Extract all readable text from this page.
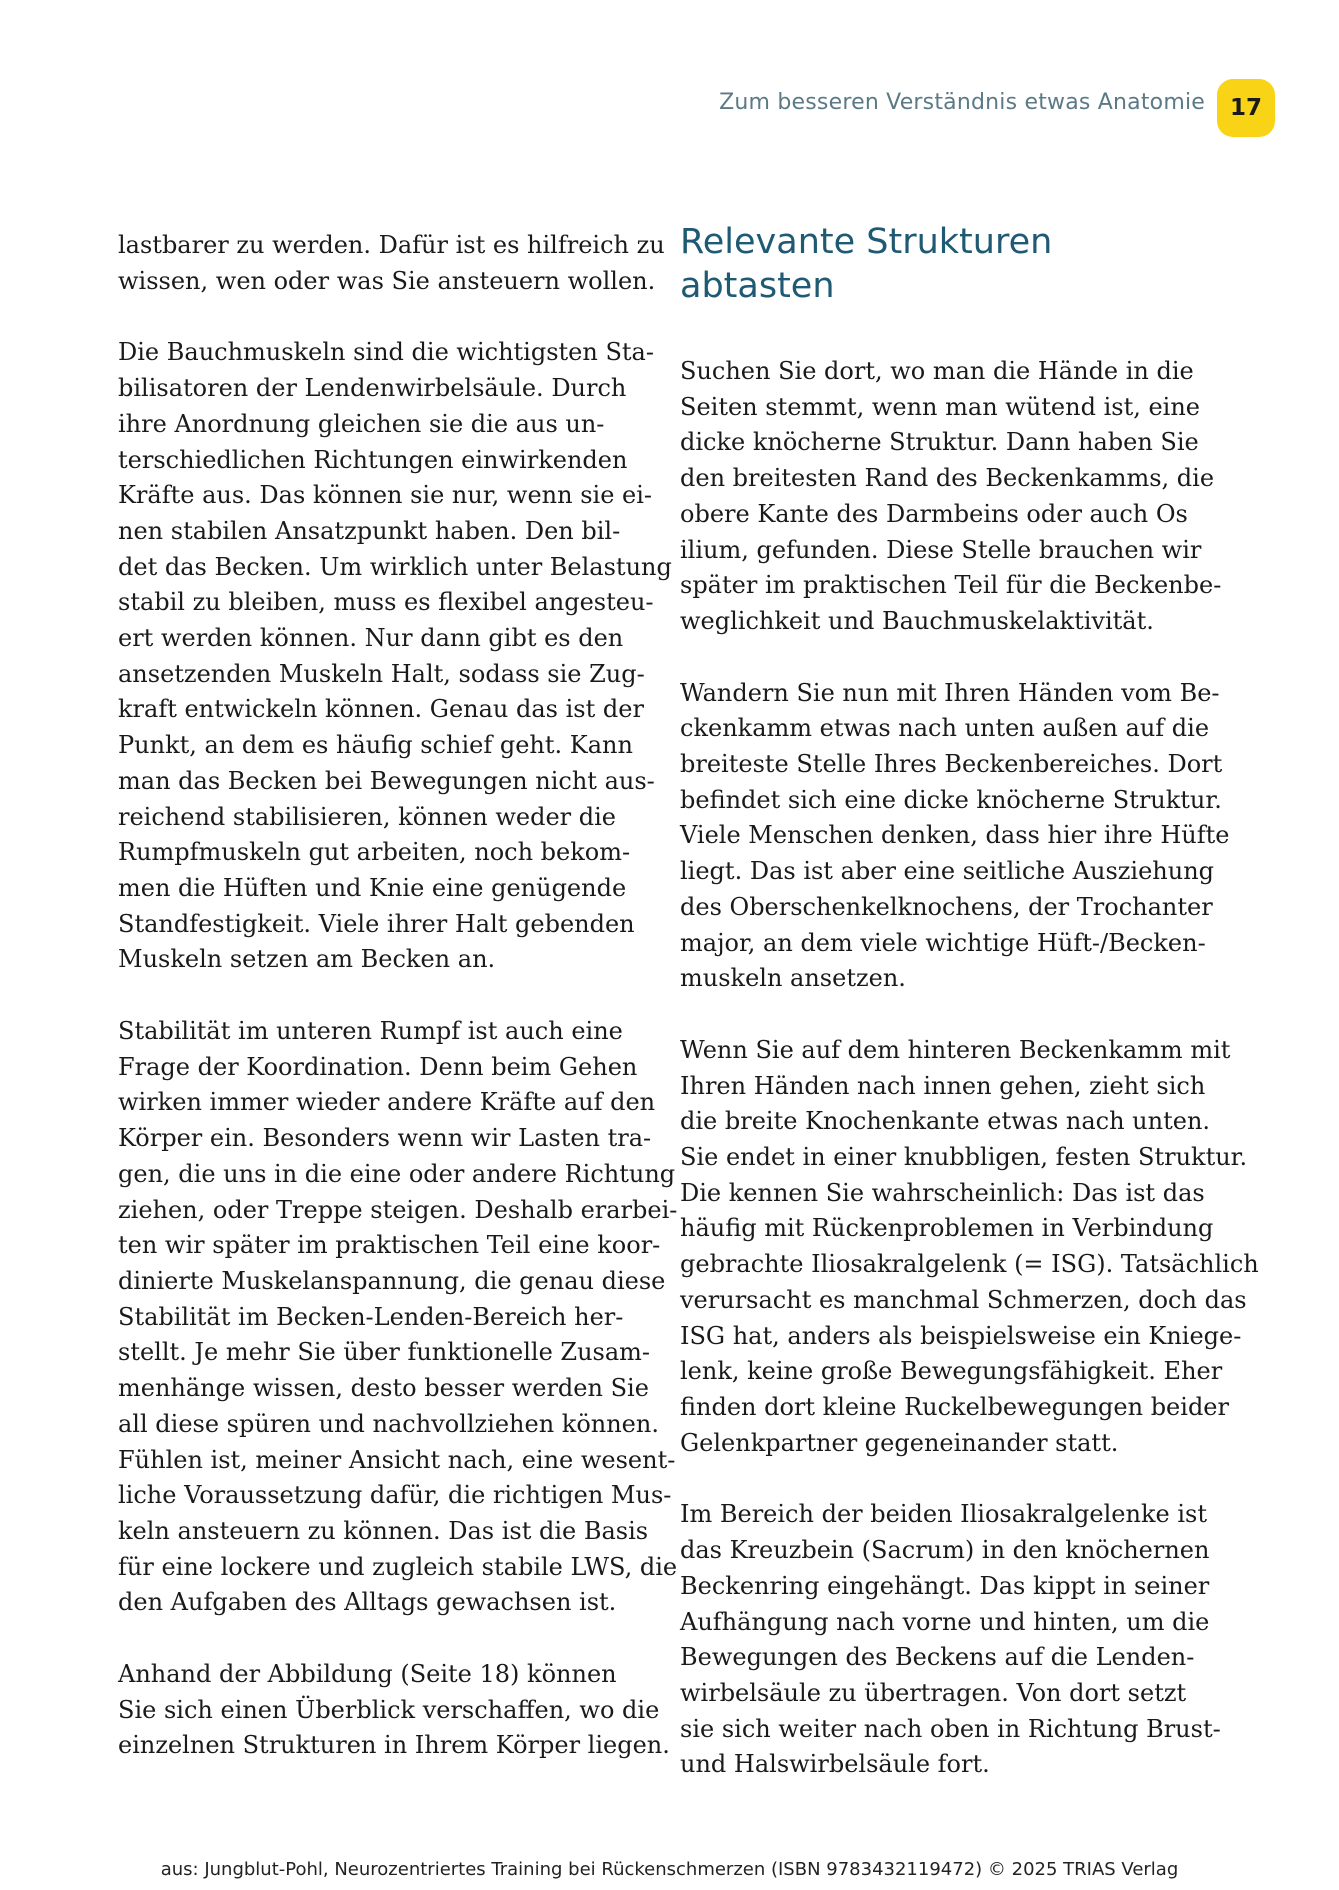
Zum besseren Verständnis etwas Anatomie	17

lastbarer zu werden. Dafür ist es hilfreich zu
wissen, wen oder was Sie ansteuern wollen.

Die Bauchmuskeln sind die wichtigsten Sta-
bilisatoren der Lendenwirbelsäule. Durch
ihre Anordnung gleichen sie die aus un-
terschiedlichen Richtungen einwirkenden
Kräfte aus. Das können sie nur, wenn sie ei-
nen stabilen Ansatzpunkt haben. Den bil-
det das Becken. Um wirklich unter Belastung
stabil zu bleiben, muss es flexibel angesteu-
ert werden können. Nur dann gibt es den
ansetzenden Muskeln Halt, sodass sie Zug-
kraft entwickeln können. Genau das ist der
Punkt, an dem es häufig schief geht. Kann
man das Becken bei Bewegungen nicht aus-
reichend stabilisieren, können weder die
Rumpfmuskeln gut arbeiten, noch bekom-
men die Hüften und Knie eine genügende
Standfestigkeit. Viele ihrer Halt gebenden
Muskeln setzen am Becken an.

Stabilität im unteren Rumpf ist auch eine
Frage der Koordination. Denn beim Gehen
wirken immer wieder andere Kräfte auf den
Körper ein. Besonders wenn wir Lasten tra-
gen, die uns in die eine oder andere Richtung
ziehen, oder Treppe steigen. Deshalb erarbei-
ten wir später im praktischen Teil eine koor-
dinierte Muskelanspannung, die genau diese
Stabilität im Becken-Lenden-Bereich her-
stellt. Je mehr Sie über funktionelle Zusam-
menhänge wissen, desto besser werden Sie
all diese spüren und nachvollziehen können.
Fühlen ist, meiner Ansicht nach, eine wesent-
liche Voraussetzung dafür, die richtigen Mus-
keln ansteuern zu können. Das ist die Basis
für eine lockere und zugleich stabile LWS, die
den Aufgaben des Alltags gewachsen ist.

Anhand der Abbildung (Seite 18) können
Sie sich einen Überblick verschaffen, wo die
einzelnen Strukturen in Ihrem Körper liegen.

Relevante Strukturen
abtasten

Suchen Sie dort, wo man die Hände in die
Seiten stemmt, wenn man wütend ist, eine
dicke knöcherne Struktur. Dann haben Sie
den breitesten Rand des Beckenkamms, die
obere Kante des Darmbeins oder auch Os
ilium, gefunden. Diese Stelle brauchen wir
später im praktischen Teil für die Beckenbe-
weglichkeit und Bauchmuskelaktivität.

Wandern Sie nun mit Ihren Händen vom Be-
ckenkamm etwas nach unten außen auf die
breiteste Stelle Ihres Beckenbereiches. Dort
befindet sich eine dicke knöcherne Struktur.
Viele Menschen denken, dass hier ihre Hüfte
liegt. Das ist aber eine seitliche Ausziehung
des Oberschenkelknochens, der Trochanter
major, an dem viele wichtige Hüft-/Becken-
muskeln ansetzen.

Wenn Sie auf dem hinteren Beckenkamm mit
Ihren Händen nach innen gehen, zieht sich
die breite Knochenkante etwas nach unten.
Sie endet in einer knubbligen, festen Struktur.
Die kennen Sie wahrscheinlich: Das ist das
häufig mit Rückenproblemen in Verbindung
gebrachte Iliosakralgelenk (= ISG). Tatsächlich
verursacht es manchmal Schmerzen, doch das
ISG hat, anders als beispielsweise ein Kniege-
lenk, keine große Bewegungsfähigkeit. Eher
finden dort kleine Ruckelbewegungen beider
Gelenkpartner gegeneinander statt.

Im Bereich der beiden Iliosakralgelenke ist
das Kreuzbein (Sacrum) in den knöchernen
Beckenring eingehängt. Das kippt in seiner
Aufhängung nach vorne und hinten, um die
Bewegungen des Beckens auf die Lenden-
wirbelsäule zu übertragen. Von dort setzt
sie sich weiter nach oben in Richtung Brust-
und Halswirbelsäule fort.

aus: Jungblut-Pohl, Neurozentriertes Training bei Rückenschmerzen (ISBN 9783432119472) © 2025 TRIAS Verlag
